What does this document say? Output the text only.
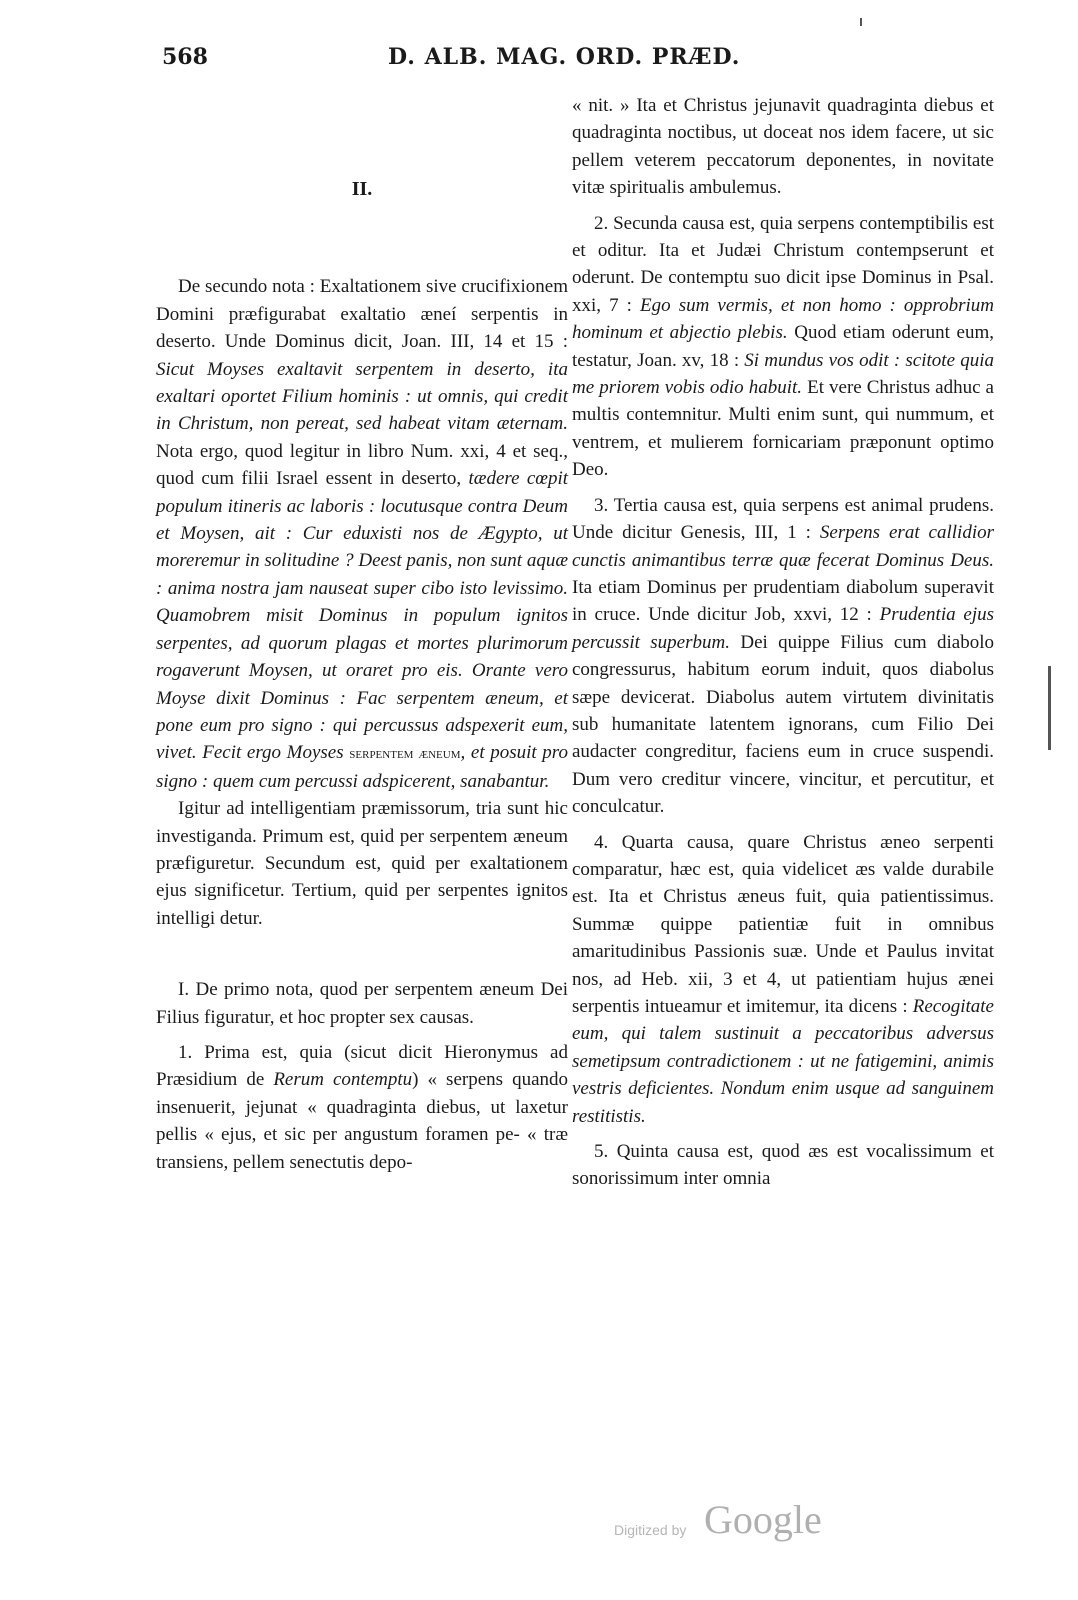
568	D. ALB. MAG. ORD. PRÆD.
II.

De secundo nota : Exaltationem sive crucifixionem Domini præfigurabat exaltatio æneí serpentis in deserto. Unde Dominus dicit, Joan. III, 14 et 15 : Sicut Moyses exaltavit serpentem in deserto, ita exaltari oportet Filium hominis : ut omnis, qui credit in Christum, non pereat, sed habeat vitam æternam. Nota ergo, quod legitur in libro Num. xxi, 4 et seq., quod cum filii Israel essent in deserto, tædere cœpit populum itineris ac laboris : locutusque contra Deum et Moysen, ait : Cur eduxisti nos de Ægypto, ut moreremur in solitudine ? Deest panis, non sunt aquæ : anima nostra jam nauseat super cibo isto levissimo. Quamobrem misit Dominus in populum ignitos serpentes, ad quorum plagas et mortes plurimorum rogaverunt Moysen, ut oraret pro eis. Orante vero Moyse dixit Dominus : Fac serpentem æneum, et pone eum pro signo : qui percussus adspexerit eum, vivet. Fecit ergo Moyses serpentem æneum, et posuit pro signo : quem cum percussi adspicerent, sanabantur.

Igitur ad intelligentiam præmissorum, tria sunt hic investiganda. Primum est, quid per serpentem æneum præfiguretur. Secundum est, quid per exaltationem ejus significetur. Tertium, quid per serpentes ignitos intelligi detur.

I. De primo nota, quod per serpentem æneum Dei Filius figuratur, et hoc propter sex causas.

1. Prima est, quia (sicut dicit Hieronymus ad Præsidium de Rerum contemptu) « serpens quando insenuerit, jejunat « quadraginta diebus, ut laxetur pellis « ejus, et sic per angustum foramen pe- « træ transiens, pellem senectutis depo-

« nit. » Ita et Christus jejunavit quadraginta diebus et quadraginta noctibus, ut doceat nos idem facere, ut sic pellem veterem peccatorum deponentes, in novitate vitæ spiritualis ambulemus.

2. Secunda causa est, quia serpens contemptibilis est et oditur. Ita et Judæi Christum contempserunt et oderunt. De contemptu suo dicit ipse Dominus in Psal. xxi, 7 : Ego sum vermis, et non homo : opprobrium hominum et abjectio plebis. Quod etiam oderunt eum, testatur, Joan. xv, 18 : Si mundus vos odit : scitote quia me priorem vobis odio habuit. Et vere Christus adhuc a multis contemnitur. Multi enim sunt, qui nummum, et ventrem, et mulierem fornicariam præponunt optimo Deo.

3. Tertia causa est, quia serpens est animal prudens. Unde dicitur Genesis, III, 1 : Serpens erat callidior cunctis animantibus terræ quæ fecerat Dominus Deus. Ita etiam Dominus per prudentiam diabolum superavit in cruce. Unde dicitur Job, xxvi, 12 : Prudentia ejus percussit superbum. Dei quippe Filius cum diabolo congressurus, habitum eorum induit, quos diabolus sæpe devicerat. Diabolus autem virtutem divinitatis sub humanitate latentem ignorans, cum Filio Dei audacter congreditur, faciens eum in cruce suspendi. Dum vero creditur vincere, vincitur, et percutitur, et conculcatur.

4. Quarta causa, quare Christus æneo serpenti comparatur, hæc est, quia videlicet æs valde durabile est. Ita et Christus æneus fuit, quia patientissimus. Summæ quippe patientiæ fuit in omnibus amaritudinibus Passionis suæ. Unde et Paulus invitat nos, ad Heb. xii, 3 et 4, ut patientiam hujus ænei serpentis intueamur et imitemur, ita dicens : Recogitate eum, qui talem sustinuit a peccatoribus adversus semetipsum contradictionem : ut ne fatigemini, animis vestris deficientes. Nondum enim usque ad sanguinem restitistis.

5. Quinta causa est, quod æs est vocalissimum et sonorissimum inter omnia

Digitized by Google
